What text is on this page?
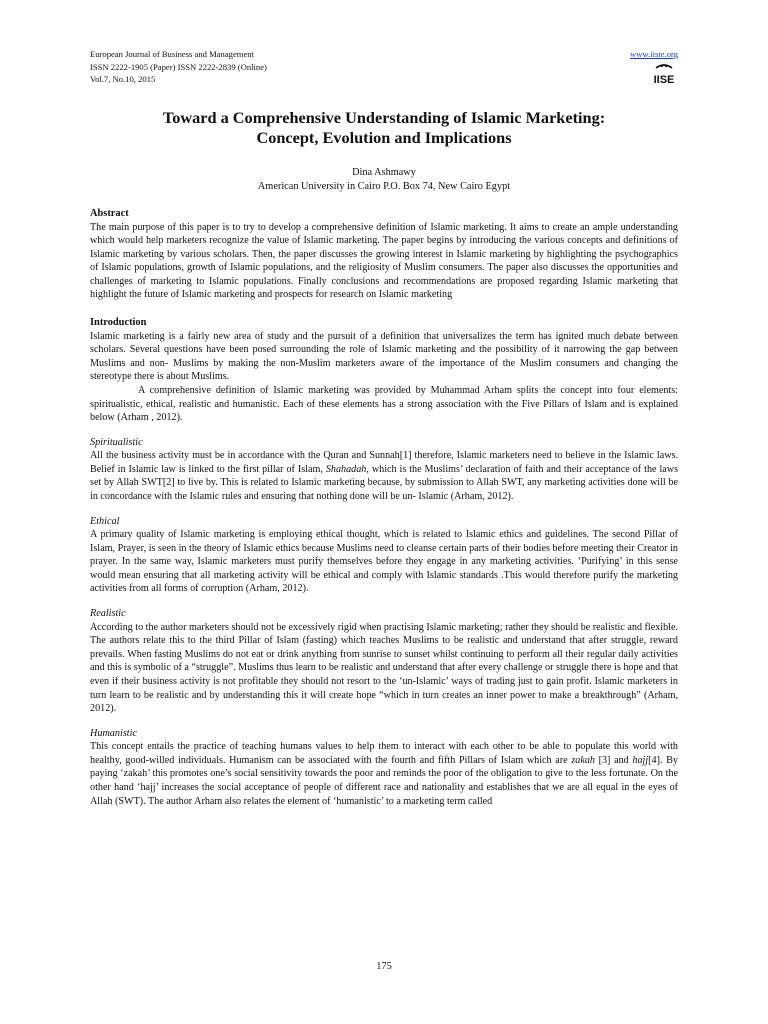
European Journal of Business and Management
ISSN 2222-1905 (Paper) ISSN 2222-2839 (Online)
Vol.7, No.10, 2015
www.iiste.org
IISE
Toward a Comprehensive Understanding of Islamic Marketing:
Concept, Evolution and Implications
Dina Ashmawy
American University in Cairo P.O. Box 74, New Cairo Egypt
Abstract

The main purpose of this paper is to try to develop a comprehensive definition of Islamic marketing. It aims to create an ample understanding which would help marketers recognize the value of Islamic marketing. The paper begins by introducing the various concepts and definitions of Islamic marketing by various scholars. Then, the paper discusses the growing interest in Islamic marketing by highlighting the psychographics of Islamic populations, growth of Islamic populations, and the religiosity of Muslim consumers. The paper also discusses the opportunities and challenges of marketing to Islamic populations. Finally conclusions and recommendations are proposed regarding Islamic marketing that highlight the future of Islamic marketing and prospects for research on Islamic marketing

Introduction

Islamic marketing is a fairly new area of study and the pursuit of a definition that universalizes the term has ignited much debate between scholars. Several questions have been posed surrounding the role of Islamic marketing and the possibility of it narrowing the gap between Muslims and non- Muslims by making the non-Muslim marketers aware of the importance of the Muslim consumers and changing the stereotype there is about Muslims.

A comprehensive definition of Islamic marketing was provided by Muhammad Arham splits the concept into four elements: spiritualistic, ethical, realistic and humanistic. Each of these elements has a strong association with the Five Pillars of Islam and is explained below (Arham , 2012).

Spiritualistic

All the business activity must be in accordance with the Quran and Sunnah[1] therefore, Islamic marketers need to believe in the Islamic laws. Belief in Islamic law is linked to the first pillar of Islam, Shahadah, which is the Muslims’ declaration of faith and their acceptance of the laws set by Allah SWT[2] to live by. This is related to Islamic marketing because, by submission to Allah SWT, any marketing activities done will be in concordance with the Islamic rules and ensuring that nothing done will be un- Islamic (Arham, 2012).

Ethical

A primary quality of Islamic marketing is employing ethical thought, which is related to Islamic ethics and guidelines. The second Pillar of Islam, Prayer, is seen in the theory of Islamic ethics because Muslims need to cleanse certain parts of their bodies before meeting their Creator in prayer. In the same way, Islamic marketers must purify themselves before they engage in any marketing activities. ‘Purifying’ in this sense would mean ensuring that all marketing activity will be ethical and comply with Islamic standards .This would therefore purify the marketing activities from all forms of corruption (Arham, 2012).

Realistic

According to the author marketers should not be excessively rigid when practising Islamic marketing; rather they should be realistic and flexible. The authors relate this to the third Pillar of Islam (fasting) which teaches Muslims to be realistic and understand that after struggle, reward prevails. When fasting Muslims do not eat or drink anything from sunrise to sunset whilst continuing to perform all their regular daily activities and this is symbolic of a “struggle”. Muslims thus learn to be realistic and understand that after every challenge or struggle there is hope and that even if their business activity is not profitable they should not resort to the ‘un-Islamic’ ways of trading just to gain profit. Islamic marketers in turn learn to be realistic and by understanding this it will create hope “which in turn creates an inner power to make a breakthrough” (Arham, 2012).

Humanistic

This concept entails the practice of teaching humans values to help them to interact with each other to be able to populate this world with healthy, good-willed individuals. Humanism can be associated with the fourth and fifth Pillars of Islam which are zakah [3] and hajj[4]. By paying ‘zakah’ this promotes one’s social sensitivity towards the poor and reminds the poor of the obligation to give to the less fortunate. On the other hand ‘hajj’ increases the social acceptance of people of different race and nationality and establishes that we are all equal in the eyes of Allah (SWT). The author Arham also relates the element of ‘humanistic’ to a marketing term called

175
